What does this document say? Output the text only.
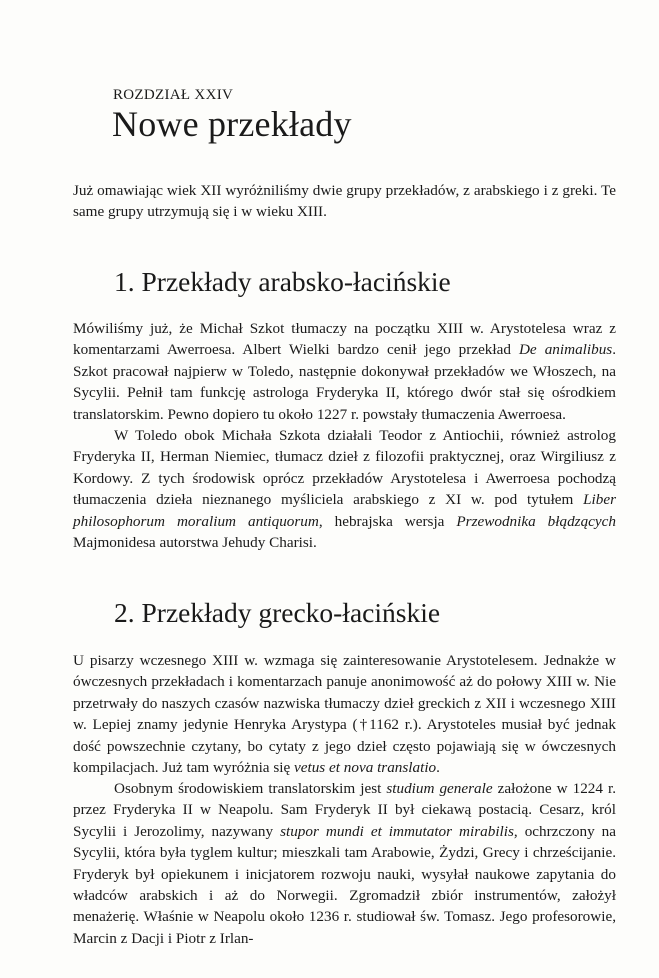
ROZDZIAŁ XXIV
Nowe przekłady

Już omawiając wiek XII wyróżniliśmy dwie grupy przekładów, z arabskiego i z greki. Te same grupy utrzymują się i w wieku XIII.

1. Przekłady arabsko-łacińskie

Mówiliśmy już, że Michał Szkot tłumaczy na początku XIII w. Arystotelesa wraz z komentarzami Awerroesa. Albert Wielki bardzo cenił jego przekład De animalibus. Szkot pracował najpierw w Toledo, następnie dokonywał przekładów we Włoszech, na Sycylii. Pełnił tam funkcję astrologa Fryderyka II, którego dwór stał się ośrodkiem translatorskim. Pewno dopiero tu około 1227 r. powstały tłumaczenia Awerroesa.

W Toledo obok Michała Szkota działali Teodor z Antiochii, również astrolog Fryderyka II, Herman Niemiec, tłumacz dzieł z filozofii praktycznej, oraz Wirgiliusz z Kordowy. Z tych środowisk oprócz przekładów Arystotelesa i Awerroesa pochodzą tłumaczenia dzieła nieznanego myśliciela arabskiego z XI w. pod tytułem Liber philosophorum moralium antiquorum, hebrajska wersja Przewodnika błądzących Majmonidesa autorstwa Jehudy Charisi.

2. Przekłady grecko-łacińskie

U pisarzy wczesnego XIII w. wzmaga się zainteresowanie Arystotelesem. Jednakże w ówczesnych przekładach i komentarzach panuje anonimowość aż do połowy XIII w. Nie przetrwały do naszych czasów nazwiska tłumaczy dzieł greckich z XII i wczesnego XIII w. Lepiej znamy jedynie Henryka Arystypa (†1162 r.). Arystoteles musiał być jednak dość powszechnie czytany, bo cytaty z jego dzieł często pojawiają się w ówczesnych kompilacjach. Już tam wyróżnia się vetus et nova translatio.

Osobnym środowiskiem translatorskim jest studium generale założone w 1224 r. przez Fryderyka II w Neapolu. Sam Fryderyk II był ciekawą postacią. Cesarz, król Sycylii i Jerozolimy, nazywany stupor mundi et immutator mirabilis, ochrzczony na Sycylii, która była tyglem kultur; mieszkali tam Arabowie, Żydzi, Grecy i chrześcijanie. Fryderyk był opiekunem i inicjatorem rozwoju nauki, wysyłał naukowe zapytania do władców arabskich i aż do Norwegii. Zgromadził zbiór instrumentów, założył menażerię. Właśnie w Neapolu około 1236 r. studiował św. Tomasz. Jego profesorowie, Marcin z Dacji i Piotr z Irlan-
